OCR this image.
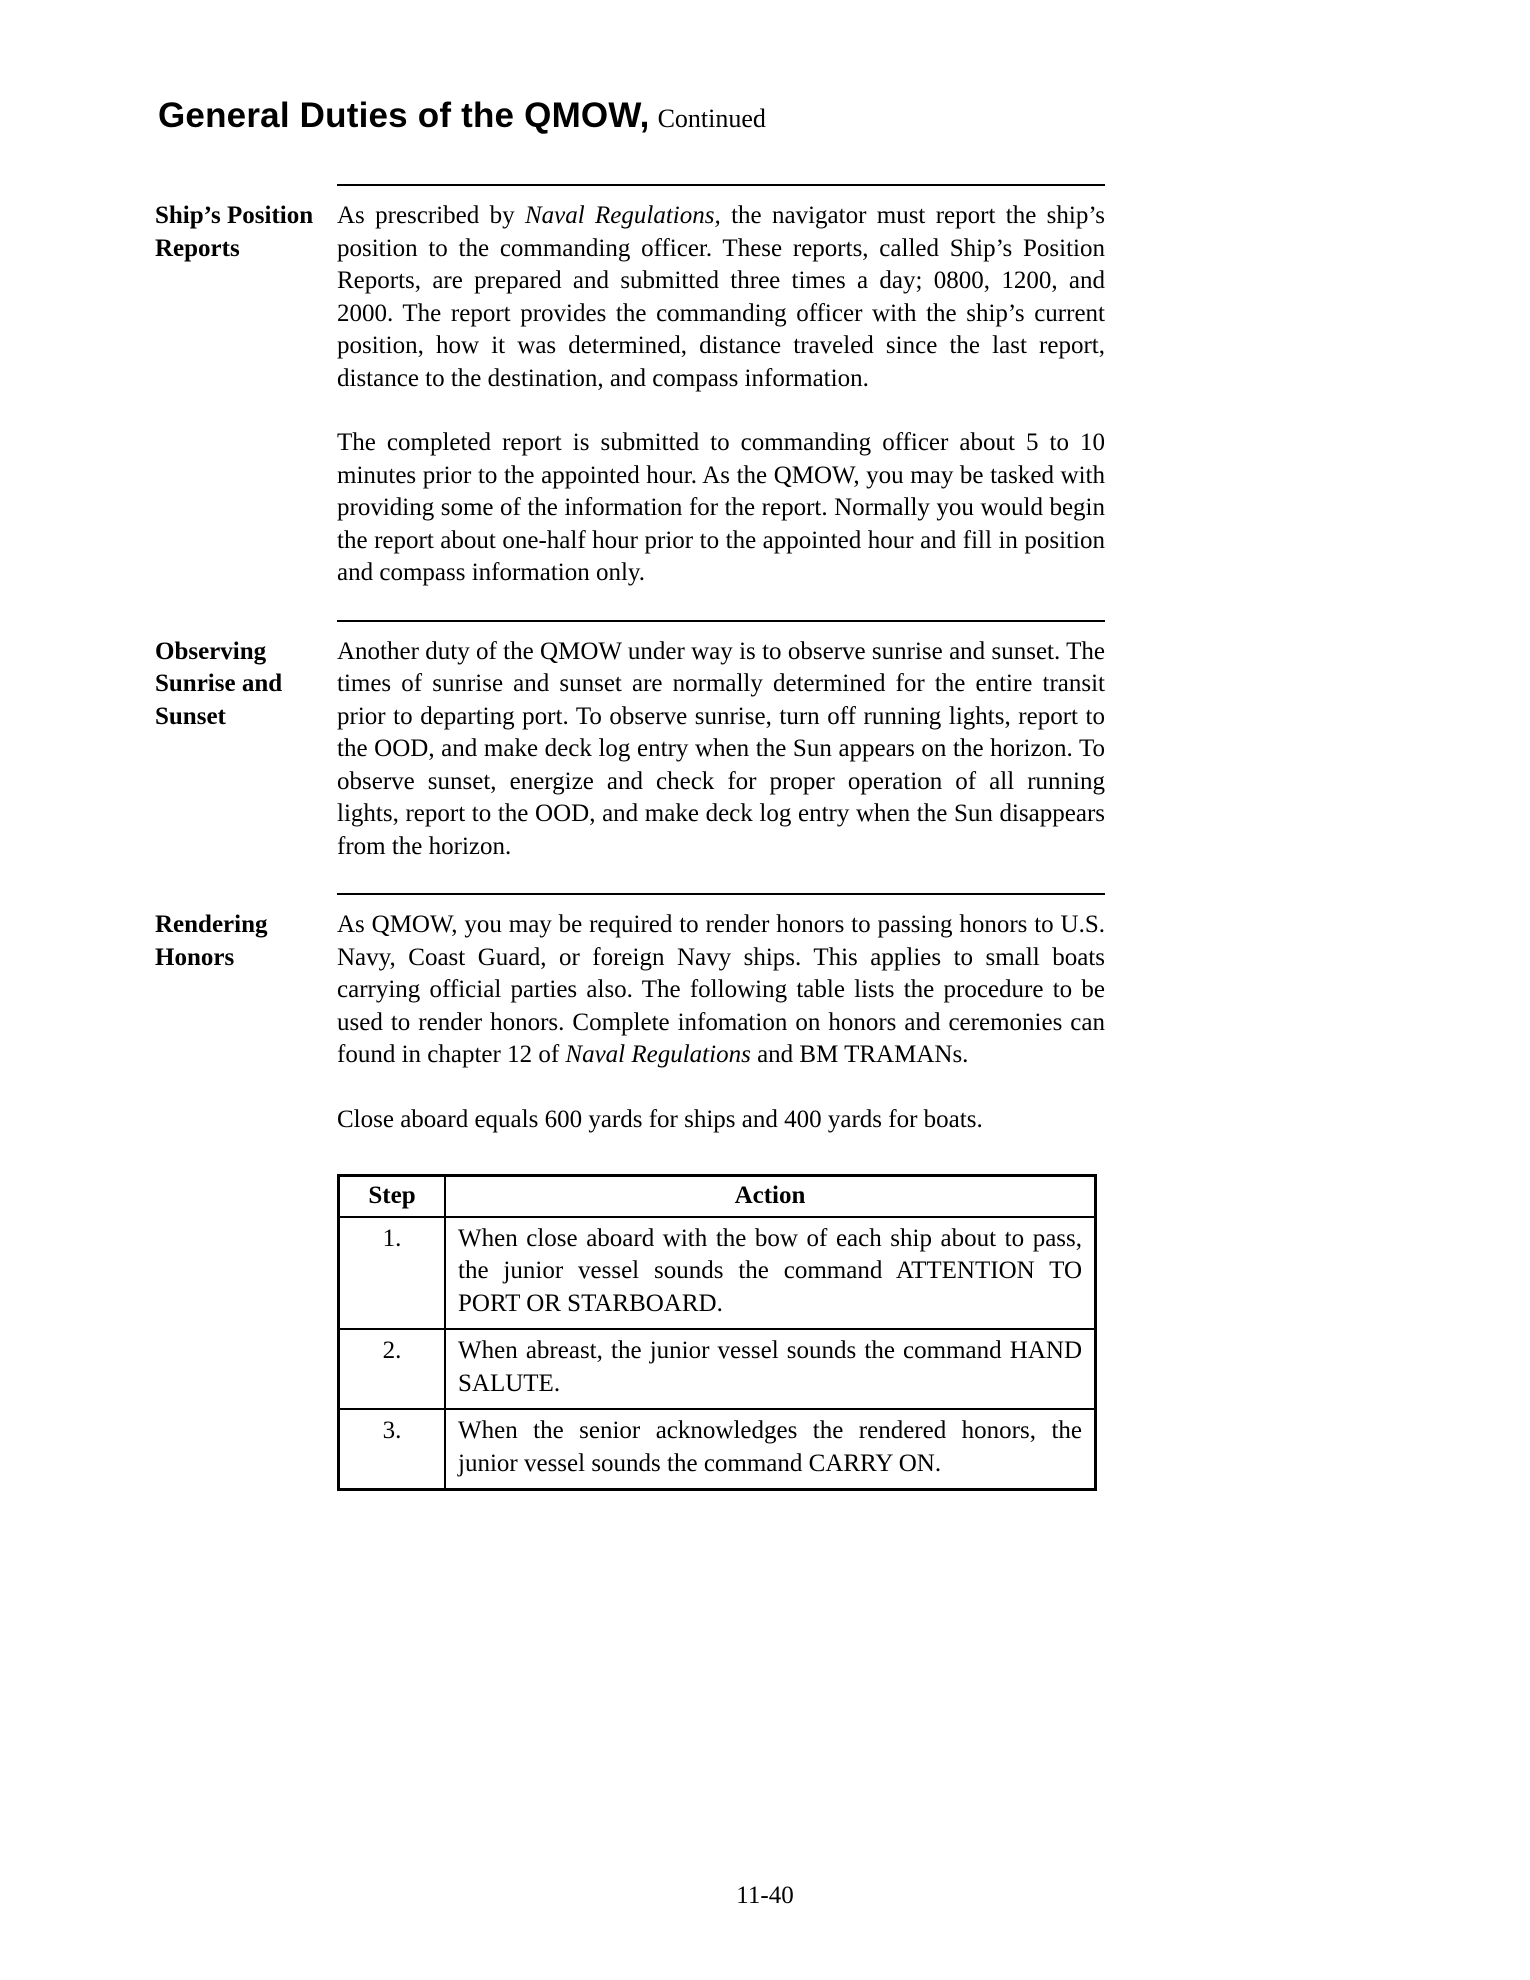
General Duties of the QMOW, Continued
Ship’s Position Reports

As prescribed by Naval Regulations, the navigator must report the ship’s position to the commanding officer. These reports, called Ship’s Position Reports, are prepared and submitted three times a day; 0800, 1200, and 2000. The report provides the commanding officer with the ship’s current position, how it was determined, distance traveled since the last report, distance to the destination, and compass information.

The completed report is submitted to commanding officer about 5 to 10 minutes prior to the appointed hour. As the QMOW, you may be tasked with providing some of the information for the report. Normally you would begin the report about one-half hour prior to the appointed hour and fill in position and compass information only.

Observing Sunrise and Sunset

Another duty of the QMOW under way is to observe sunrise and sunset. The times of sunrise and sunset are normally determined for the entire transit prior to departing port. To observe sunrise, turn off running lights, report to the OOD, and make deck log entry when the Sun appears on the horizon. To observe sunset, energize and check for proper operation of all running lights, report to the OOD, and make deck log entry when the Sun disappears from the horizon.

Rendering Honors

As QMOW, you may be required to render honors to passing honors to U.S. Navy, Coast Guard, or foreign Navy ships. This applies to small boats carrying official parties also. The following table lists the procedure to be used to render honors. Complete infomation on honors and ceremonies can found in chapter 12 of Naval Regulations and BM TRAMANs.

Close aboard equals 600 yards for ships and 400 yards for boats.

Step	Action
1.	When close aboard with the bow of each ship about to pass, the junior vessel sounds the command ATTENTION TO PORT OR STARBOARD.
2.	When abreast, the junior vessel sounds the command HAND SALUTE.
3.	When the senior acknowledges the rendered honors, the junior vessel sounds the command CARRY ON.
11-40
